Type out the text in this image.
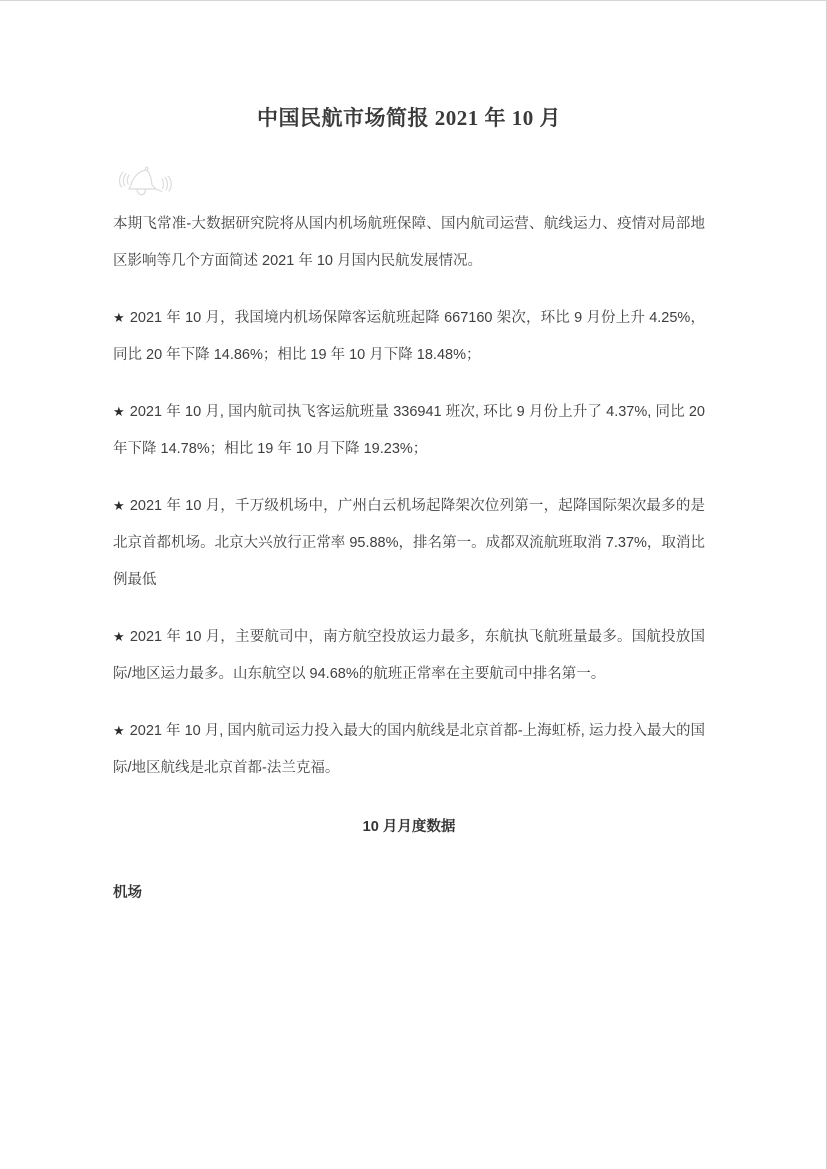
中国民航市场简报 2021 年 10 月

本期飞常准-大数据研究院将从国内机场航班保障、国内航司运营、航线运力、疫情对局部地区影响等几个方面简述 2021 年 10 月国内民航发展情况。

★ 2021 年 10 月，我国境内机场保障客运航班起降 667160 架次，环比 9 月份上升 4.25%，同比 20 年下降 14.86%；相比 19 年 10 月下降 18.48%；

★ 2021 年 10 月, 国内航司执飞客运航班量 336941 班次, 环比 9 月份上升了 4.37%, 同比 20 年下降 14.78%；相比 19 年 10 月下降 19.23%；

★ 2021 年 10 月，千万级机场中，广州白云机场起降架次位列第一，起降国际架次最多的是北京首都机场。北京大兴放行正常率 95.88%，排名第一。成都双流航班取消 7.37%，取消比例最低

★ 2021 年 10 月，主要航司中，南方航空投放运力最多，东航执飞航班量最多。国航投放国际/地区运力最多。山东航空以 94.68%的航班正常率在主要航司中排名第一。

★ 2021 年 10 月, 国内航司运力投入最大的国内航线是北京首都-上海虹桥, 运力投入最大的国际/地区航线是北京首都-法兰克福。

10 月月度数据
机场
